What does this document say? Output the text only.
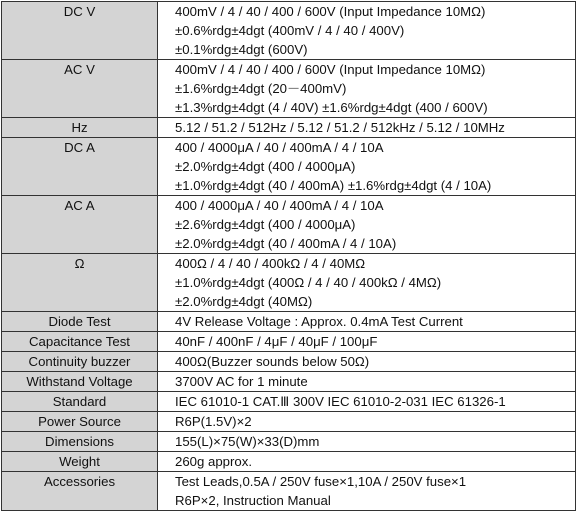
DC V	400mV / 4 / 40 / 400 / 600V (Input Impedance 10MΩ)
±0.6%rdg±4dgt (400mV / 4 / 40 / 400V)
±0.1%rdg±4dgt (600V)

AC V	400mV / 4 / 40 / 400 / 600V (Input Impedance 10MΩ)
±1.6%rdg±4dgt (20－400mV)
±1.3%rdg±4dgt (4 / 40V) ±1.6%rdg±4dgt (400 / 600V)

Hz	5.12 / 51.2 / 512Hz / 5.12 / 51.2 / 512kHz / 5.12 / 10MHz

DC A	400 / 4000μA / 40 / 400mA / 4 / 10A
±2.0%rdg±4dgt (400 / 4000μA)
±1.0%rdg±4dgt (40 / 400mA) ±1.6%rdg±4dgt (4 / 10A)

AC A	400 / 4000μA / 40 / 400mA / 4 / 10A
±2.6%rdg±4dgt (400 / 4000μA)
±2.0%rdg±4dgt (40 / 400mA / 4 / 10A)

Ω	400Ω / 4 / 40 / 400kΩ / 4 / 40MΩ
±1.0%rdg±4dgt (400Ω / 4 / 40 / 400kΩ / 4MΩ)
±2.0%rdg±4dgt (40MΩ)

Diode Test	4V Release Voltage : Approx. 0.4mA Test Current

Capacitance Test	40nF / 400nF / 4μF / 40μF / 100μF

Continuity buzzer	400Ω(Buzzer sounds below 50Ω)

Withstand Voltage	3700V AC for 1 minute

Standard	IEC 61010-1 CAT.Ⅲ 300V IEC 61010-2-031 IEC 61326-1

Power Source	R6P(1.5V)×2

Dimensions	155(L)×75(W)×33(D)mm

Weight	260g approx.

Accessories	Test Leads,0.5A / 250V fuse×1,10A / 250V fuse×1
R6P×2, Instruction Manual
